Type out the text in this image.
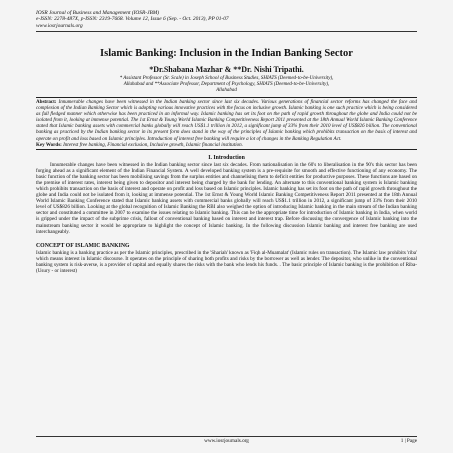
IOSR Journal of Business and Management (IOSR-JBM)
e-ISSN: 2278-487X, p-ISSN: 2319-7668. Volume 12, Issue 6 (Sep. - Oct. 2013), PP 01-07
www.iosrjournals.org
Islamic Banking: Inclusion in the Indian Banking Sector
*Dr.Shabana Mazhar & **Dr. Nishi Tripathi.
* Assistant Professor (Sr. Scale) in Joseph School of Business Studies, SHIATS (Deemed-to-be-University),
Allahabad and **Associate Professor, Department of Psychology, SHIATS (Deemed-to-be-University),
Allahabad

Abstract: Innumerable changes have been witnessed in the Indian banking sector since last six decades. Various generations of financial sector reforms has changed the face and complexion of the Indian Banking Sector which is adopting various innovative practices with the focus on inclusive growth. Islamic banking is one such practice which is being considered as full fledged manner which otherwise has been practiced in an informal way. Islamic banking has set its foot on the path of rapid growth throughout the globe and India could not be isolated from it, looking at immense potential. The 1st Ernst & Young World Islamic Banking Competitiveness Report 2011 presented at the 18th Annual World Islamic Banking Conference stated that Islamic banking assets with commercial banks globally will reach US$1.1 trillion in 2012, a significant jump of 33% from their 2010 level of US$826 billion. The conventional banking as practiced by the Indian banking sector in its present form does stand in the way of the principles of Islamic banking which prohibits transaction on the basis of interest and operate on profit and loss based on Islamic principles. Introduction of interest free banking will require a lot of changes in the Banking Regulation Act.

Key Words: Interest free banking, Financial exclusion, Inclusive growth, Islamic financial institution.

I. Introduction

Innumerable changes have been witnessed in the Indian banking sector since last six decades. From nationalisation in the 60's to liberalisation in the 90's this sector has been forging ahead as a significant element of the Indian Financial System. A well developed banking system is a pre-requisite for smooth and effective functioning of any economy. The basic function of the banking sector has been mobilising savings from the surplus entities and channelising them to deficit entities for productive purposes. These functions are based on the premise of interest rates, interest being given to depositor and interest being charged by the bank for lending. An alternate to this conventional banking system is Islamic banking which prohibits transaction on the basis of interest and operate on profit and loss based on Islamic principles. Islamic banking has set its foot on the path of rapid growth throughout the globe and India could not be isolated from it, looking at immense potential. The 1st Ernst & Young World Islamic Banking Competitiveness Report 2011 presented at the 18th Annual World Islamic Banking Conference stated that Islamic banking assets with commercial banks globally will reach US$1.1 trillion in 2012, a significant jump of 33% from their 2010 level of US$826 billion. Looking at the global recognition of Islamic Banking the RBI also weighed the option of introducing Islamic banking in the main stream of the Indian banking sector and constituted a committee in 2007 to examine the issues relating to Islamic banking. This can be the appropriate time for introduction of Islamic banking in India, when world is gripped under the impact of the subprime crisis, fallout of conventional banking based on interest and interest trap. Before discussing the convergence of Islamic banking into the mainstream banking sector it would be appropriate to highlight the concept of Islamic banking. In the following discussion Islamic banking and interest free banking are used interchangeably.

CONCEPT OF ISLAMIC BANKING

Islamic banking is a banking practice as per the Islamic principles, prescribed in the 'Shariah' known as 'Fiqh al-Muamalat' (Islamic rules on transaction). The Islamic law prohibits 'riba' which means interest in Islamic discourse. It operates on the principle of sharing both profits and risks by the borrower as well as lender. The depositor, who unlike in the conventional banking system is risk-averse, is a provider of capital and equally shares the risks with the bank who lends his funds. . The basic principle of Islamic banking is the prohibition of Riba- (Usury - or interest)

www.iosrjournals.org	1 | Page
